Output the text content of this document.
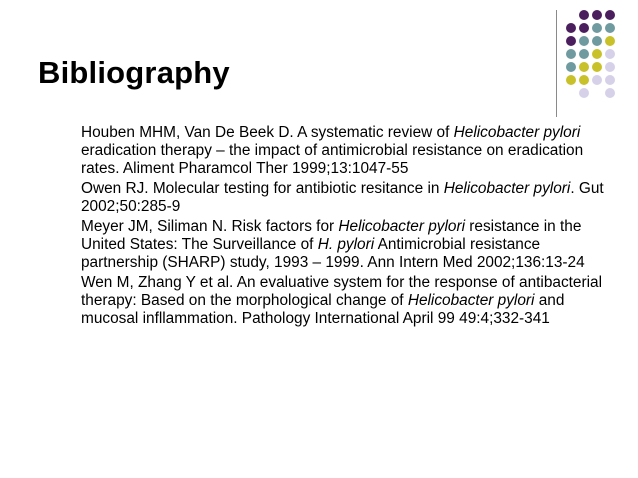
Bibliography
Houben MHM, Van De Beek D. A systematic review of Helicobacter pylori eradication therapy – the impact of antimicrobial resistance on eradication rates. Aliment Pharamcol Ther 1999;13:1047-55
Owen RJ. Molecular testing for antibiotic resitance in Helicobacter pylori. Gut 2002;50:285-9
Meyer JM, Siliman N. Risk factors for Helicobacter pylori resistance in the United States: The Surveillance of H. pylori Antimicrobial resistance partnership (SHARP) study, 1993 – 1999. Ann Intern Med 2002;136:13-24
Wen M, Zhang Y et al. An evaluative system for the response of antibacterial therapy: Based on the morphological change of Helicobacter pylori and mucosal infllammation. Pathology International April 99 49:4;332-341
